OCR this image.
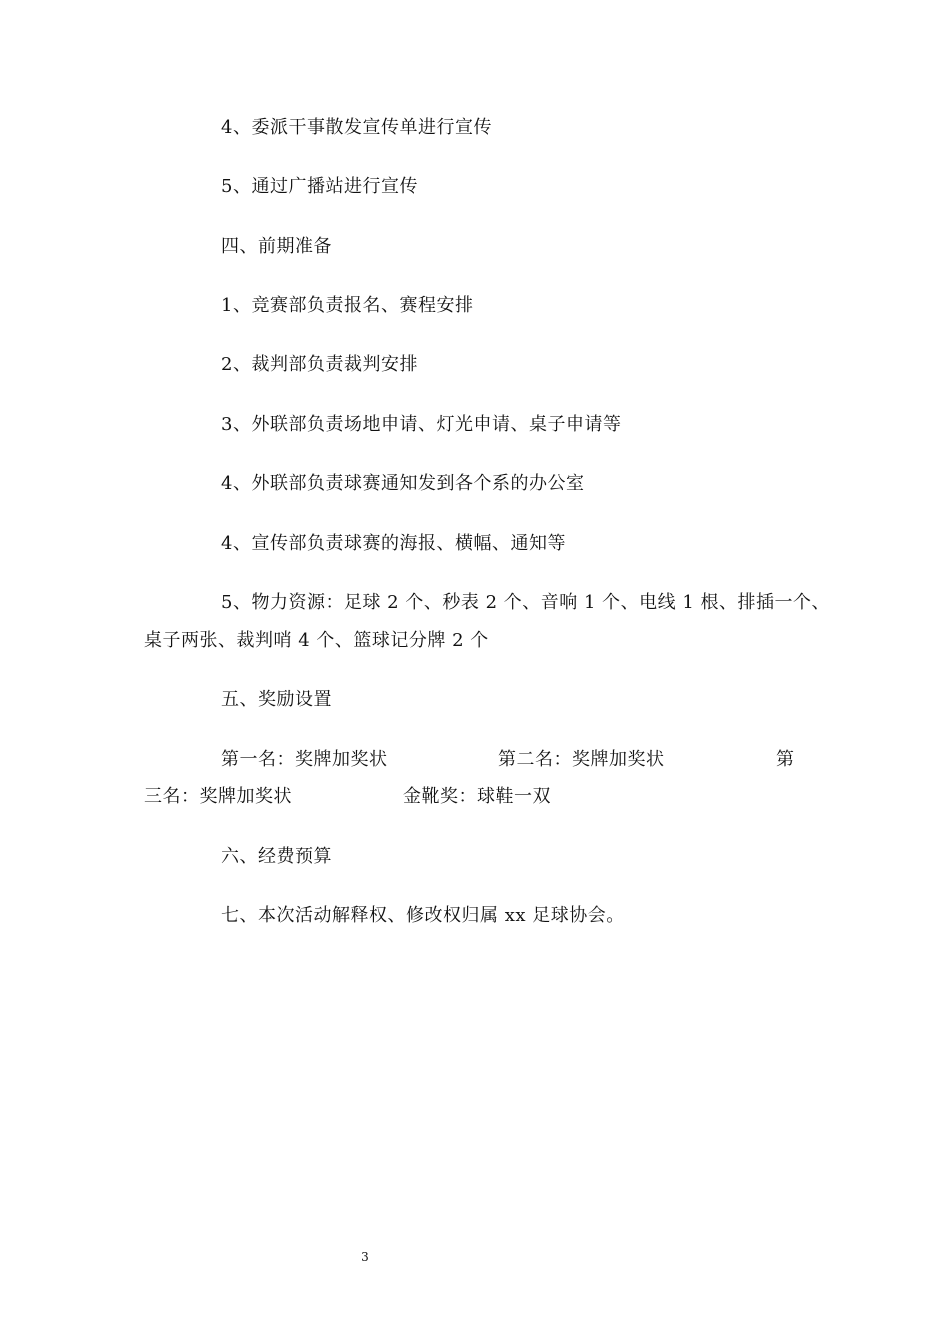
4、委派干事散发宣传单进行宣传
5、通过广播站进行宣传
四、前期准备
1、竞赛部负责报名、赛程安排
2、裁判部负责裁判安排
3、外联部负责场地申请、灯光申请、桌子申请等
4、外联部负责球赛通知发到各个系的办公室
4、宣传部负责球赛的海报、横幅、通知等
5、物力资源：足球 2 个、秒表 2 个、音响 1 个、电线 1 根、排插一个、
桌子两张、裁判哨 4 个、篮球记分牌 2 个
五、奖励设置
第一名：奖牌加奖状	第二名：奖牌加奖状	第
三名：奖牌加奖状	金靴奖：球鞋一双
六、经费预算
七、本次活动解释权、修改权归属 xx 足球协会。
3
